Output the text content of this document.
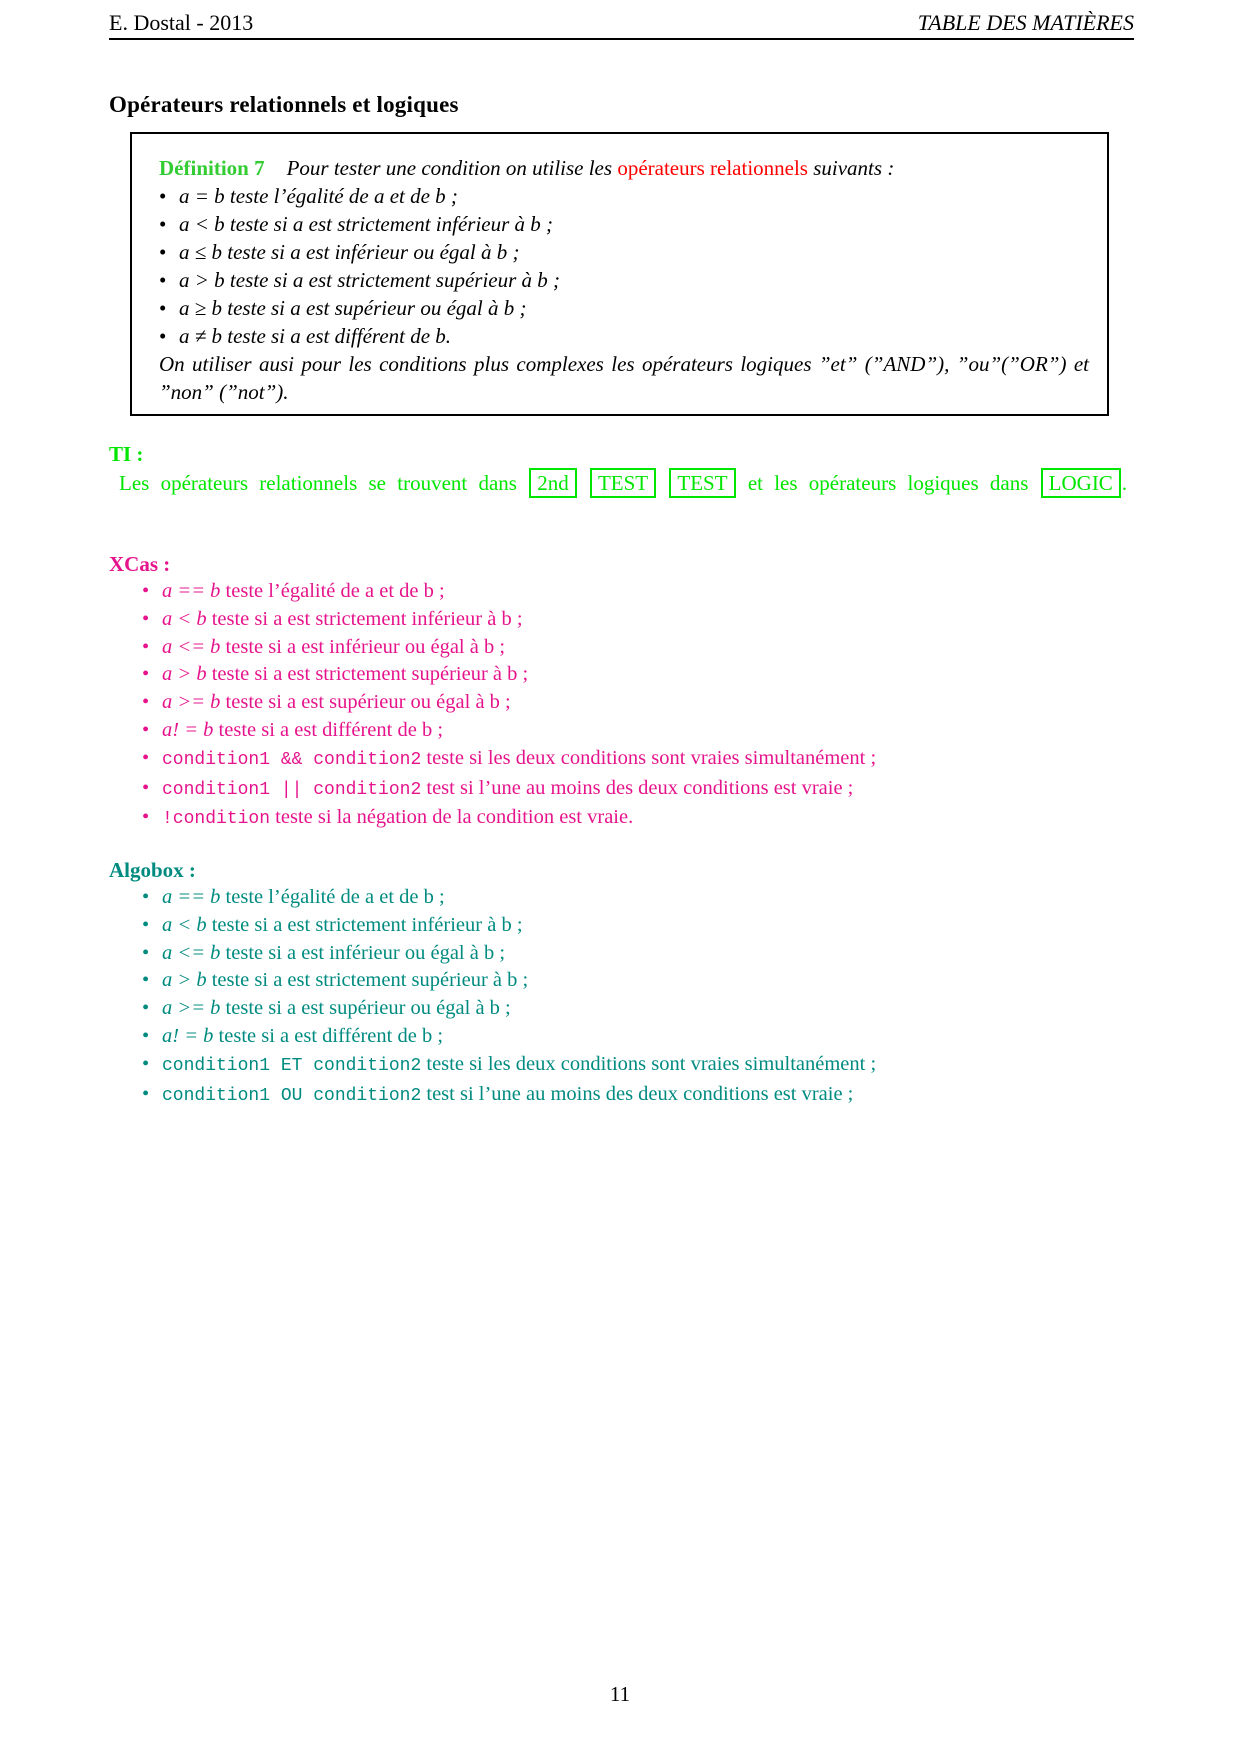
E. Dostal - 2013	TABLE DES MATIÈRES
Opérateurs relationnels et logiques
Définition 7 Pour tester une condition on utilise les opérateurs relationnels suivants :
• a = b teste l’égalité de a et de b ;
• a < b teste si a est strictement inférieur à b ;
• a ≤ b teste si a est inférieur ou égal à b ;
• a > b teste si a est strictement supérieur à b ;
• a ≥ b teste si a est supérieur ou égal à b ;
• a ≠ b teste si a est différent de b.
On utiliser ausi pour les conditions plus complexes les opérateurs logiques ”et” (”AND”), ”ou”(”OR”) et ”non” (”not”).
TI :
Les opérateurs relationnels se trouvent dans 2nd TEST TEST et les opérateurs logiques dans LOGIC .
XCas :
• a == b teste l’égalité de a et de b ;
• a < b teste si a est strictement inférieur à b ;
• a <= b teste si a est inférieur ou égal à b ;
• a > b teste si a est strictement supérieur à b ;
• a >= b teste si a est supérieur ou égal à b ;
• a! = b teste si a est différent de b ;
• condition1 && condition2 teste si les deux conditions sont vraies simultanément ;
• condition1 || condition2 test si l’une au moins des deux conditions est vraie ;
• !condition teste si la négation de la condition est vraie.
Algobox :
• a == b teste l’égalité de a et de b ;
• a < b teste si a est strictement inférieur à b ;
• a <= b teste si a est inférieur ou égal à b ;
• a > b teste si a est strictement supérieur à b ;
• a >= b teste si a est supérieur ou égal à b ;
• a! = b teste si a est différent de b ;
• condition1 ET condition2 teste si les deux conditions sont vraies simultanément ;
• condition1 OU condition2 test si l’une au moins des deux conditions est vraie ;
11
